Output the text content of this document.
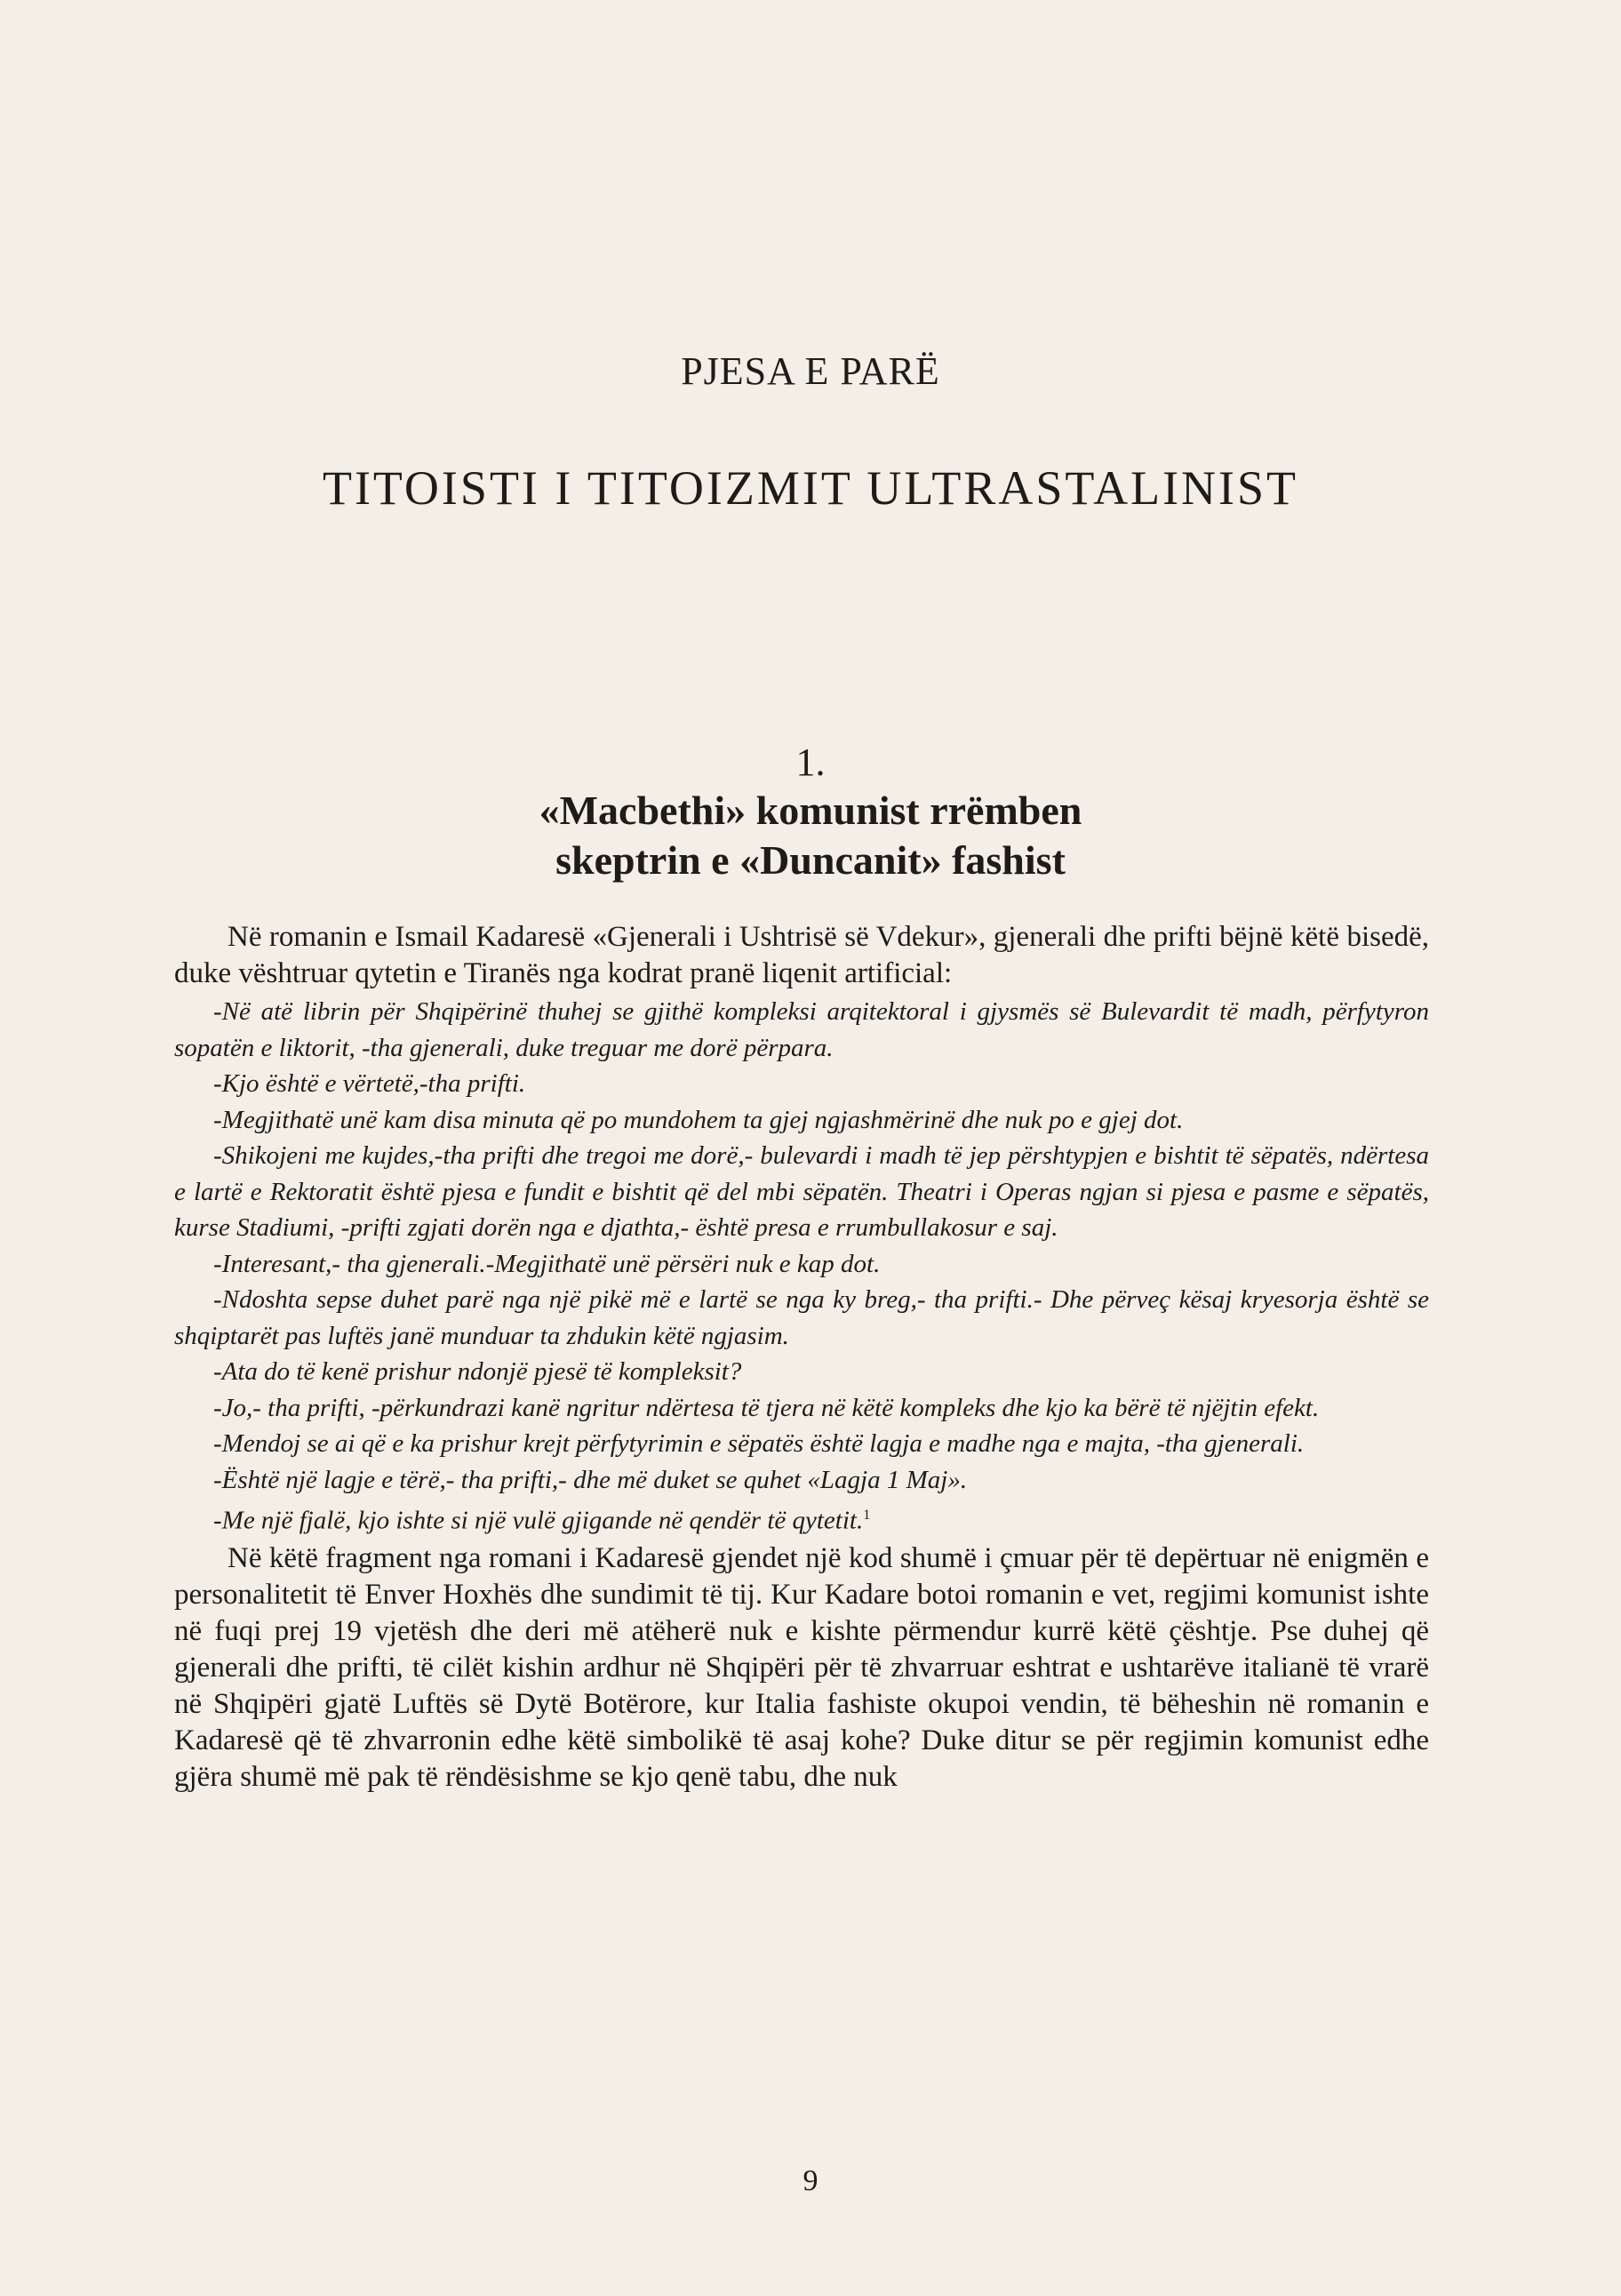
PJESA E PARË
TITOISTI I TITOIZMIT ULTRASTALINIST
1.
«Macbethi» komunist rrëmben
skeptrin e «Duncanit» fashist

Në romanin e Ismail Kadaresë «Gjenerali i Ushtrisë së Vdekur», gjenerali dhe prifti bëjnë këtë bisedë, duke vështruar qytetin e Tiranës nga kodrat pranë liqenit artificial:

-Në atë librin për Shqipërinë thuhej se gjithë kompleksi arqitektoral i gjysmës së Bulevardit të madh, përfytyron sopatën e liktorit, -tha gjenerali, duke treguar me dorë përpara.

-Kjo është e vërtetë,-tha prifti.

-Megjithatë unë kam disa minuta që po mundohem ta gjej ngjashmërinë dhe nuk po e gjej dot.

-Shikojeni me kujdes,-tha prifti dhe tregoi me dorë,- bulevardi i madh të jep përshtypjen e bishtit të sëpatës, ndërtesa e lartë e Rektoratit është pjesa e fundit e bishtit që del mbi sëpatën. Theatri i Operas ngjan si pjesa e pasme e sëpatës, kurse Stadiumi, -prifti zgjati dorën nga e djathta,- është presa e rrumbullakosur e saj.

-Interesant,- tha gjenerali.-Megjithatë unë përsëri nuk e kap dot.

-Ndoshta sepse duhet parë nga një pikë më e lartë se nga ky breg,- tha prifti.- Dhe përveç kësaj kryesorja është se shqiptarët pas luftës janë munduar ta zhdukin këtë ngjasim.

-Ata do të kenë prishur ndonjë pjesë të kompleksit?

-Jo,- tha prifti, -përkundrazi kanë ngritur ndërtesa të tjera në këtë kompleks dhe kjo ka bërë të njëjtin efekt.

-Mendoj se ai që e ka prishur krejt përfytyrimin e sëpatës është lagja e madhe nga e majta, -tha gjenerali.

-Është një lagje e tërë,- tha prifti,- dhe më duket se quhet «Lagja 1 Maj».

-Me një fjalë, kjo ishte si një vulë gjigande në qendër të qytetit.$^1$

Në këtë fragment nga romani i Kadaresë gjendet një kod shumë i çmuar për të depërtuar në enigmën e personalitetit të Enver Hoxhës dhe sundimit të tij. Kur Kadare botoi romanin e vet, regjimi komunist ishte në fuqi prej 19 vjetësh dhe deri më atëherë nuk e kishte përmendur kurrë këtë çështje. Pse duhej që gjenerali dhe prifti, të cilët kishin ardhur në Shqipëri për të zhvarruar eshtrat e ushtarëve italianë të vrarë në Shqipëri gjatë Luftës së Dytë Botërore, kur Italia fashiste okupoi vendin, të bëheshin në romanin e Kadaresë që të zhvarronin edhe këtë simbolikë të asaj kohe? Duke ditur se për regjimin komunist edhe gjëra shumë më pak të rëndësishme se kjo qenë tabu, dhe nuk

9
